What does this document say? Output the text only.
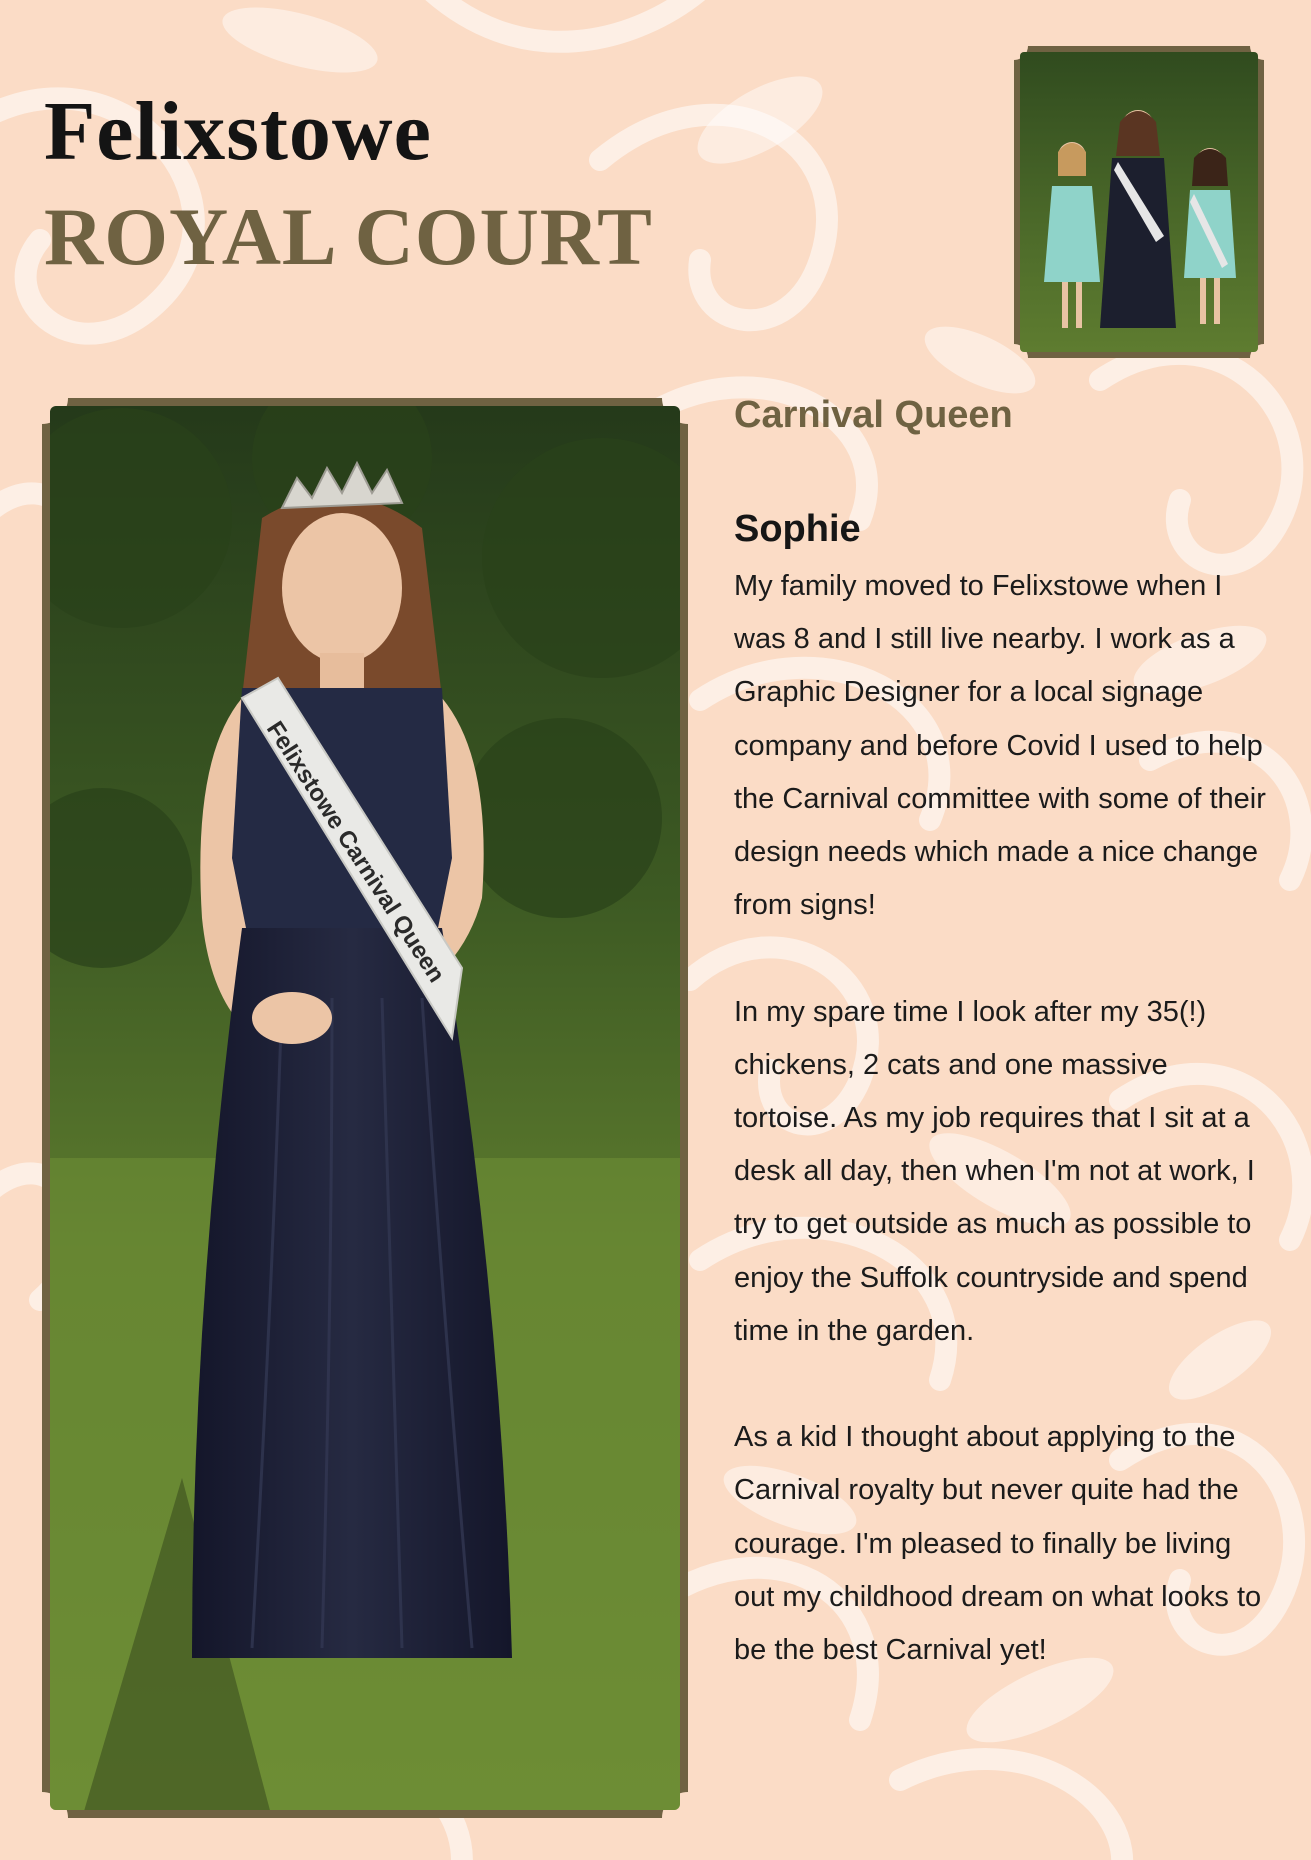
Felixstowe
ROYAL COURT
Carnival Queen
Sophie

My family moved to Felixstowe when I was 8 and I still live nearby. I work as a Graphic Designer for a local signage company and before Covid I used to help the Carnival committee with some of their design needs which made a nice change from signs!

In my spare time I look after my 35(!) chickens, 2 cats and one massive tortoise. As my job requires that I sit at a desk all day, then when I'm not at work, I try to get outside as much as possible to enjoy the Suffolk countryside and spend time in the garden.

As a kid I thought about applying to the Carnival royalty but never quite had the courage. I'm pleased to finally be living out my childhood dream on what looks to be the best Carnival yet!

Felixstowe Carnival Queen
